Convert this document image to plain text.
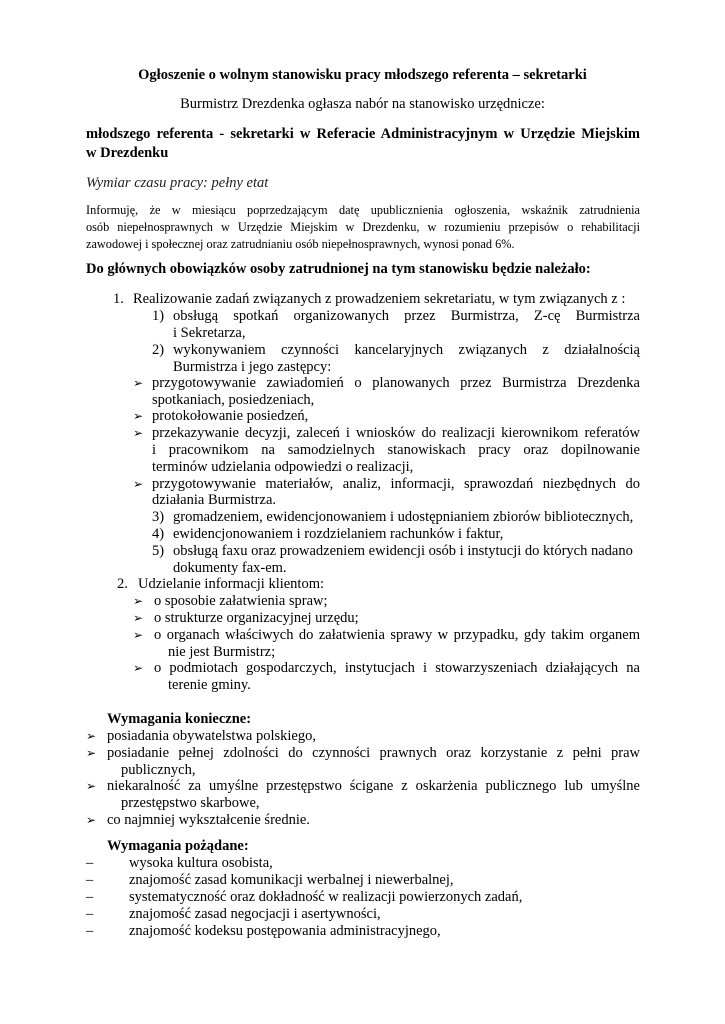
Ogłoszenie o wolnym stanowisku pracy młodszego referenta – sekretarki
Burmistrz Drezdenka ogłasza nabór na stanowisko urzędnicze:
młodszego referenta - sekretarki w Referacie Administracyjnym w Urzędzie Miejskim
w Drezdenku
Wymiar czasu pracy: pełny etat
Informuję, że w miesiącu poprzedzającym datę upublicznienia ogłoszenia, wskaźnik zatrudnienia
osób niepełnosprawnych w Urzędzie Miejskim w Drezdenku, w rozumieniu przepisów o rehabilitacji
zawodowej i społecznej oraz zatrudnianiu osób niepełnosprawnych, wynosi ponad 6%.
Do głównych obowiązków osoby zatrudnionej na tym stanowisku będzie należało:
1. Realizowanie zadań związanych z prowadzeniem sekretariatu, w tym związanych z :
1) obsługą spotkań organizowanych przez Burmistrza, Z-cę Burmistrza
i Sekretarza,
2) wykonywaniem czynności kancelaryjnych związanych z działalnością
Burmistrza i jego zastępcy:
➢ przygotowywanie zawiadomień o planowanych przez Burmistrza Drezdenka
spotkaniach, posiedzeniach,
➢ protokołowanie posiedzeń,
➢ przekazywanie decyzji, zaleceń i wniosków do realizacji kierownikom referatów
i pracownikom na samodzielnych stanowiskach pracy oraz dopilnowanie
terminów udzielania odpowiedzi o realizacji,
➢ przygotowywanie materiałów, analiz, informacji, sprawozdań niezbędnych do
działania Burmistrza.
3) gromadzeniem, ewidencjonowaniem i udostępnianiem zbiorów bibliotecznych,
4) ewidencjonowaniem i rozdzielaniem rachunków i faktur,
5) obsługą faxu oraz prowadzeniem ewidencji osób i instytucji do których nadano
dokumenty fax-em.
2. Udzielanie informacji klientom:
➢ o sposobie załatwienia spraw;
➢ o strukturze organizacyjnej urzędu;
➢ o organach właściwych do załatwienia sprawy w przypadku, gdy takim organem
nie jest Burmistrz;
➢ o podmiotach gospodarczych, instytucjach i stowarzyszeniach działających na
terenie gminy.
Wymagania konieczne:
➢ posiadania obywatelstwa polskiego,
➢ posiadanie pełnej zdolności do czynności prawnych oraz korzystanie z pełni praw
publicznych,
➢ niekaralność za umyślne przestępstwo ścigane z oskarżenia publicznego lub umyślne
przestępstwo skarbowe,
➢ co najmniej wykształcenie średnie.
Wymagania pożądane:
– wysoka kultura osobista,
– znajomość zasad komunikacji werbalnej i niewerbalnej,
– systematyczność oraz dokładność w realizacji powierzonych zadań,
– znajomość zasad negocjacji i asertywności,
– znajomość kodeksu postępowania administracyjnego,
